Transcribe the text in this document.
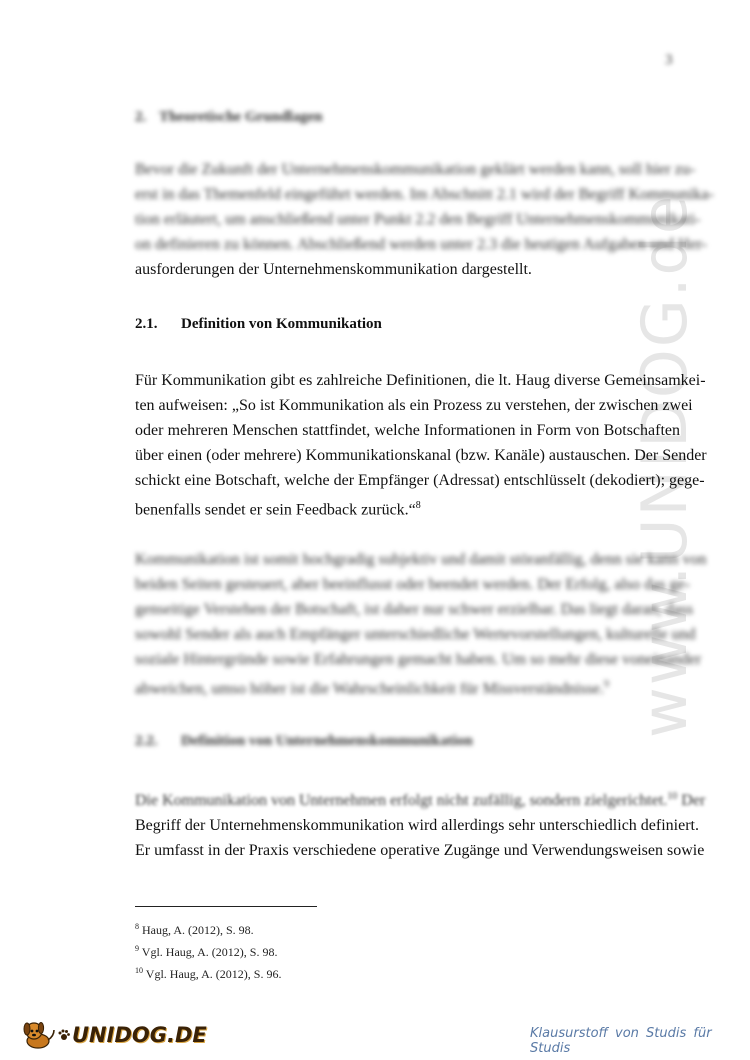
www.UNIDOG.de
3
2. Theoretische Grundlagen
Bevor die Zukunft der Unternehmenskommunikation geklärt werden kann, soll hier zu-
erst in das Themenfeld eingeführt werden. Im Abschnitt 2.1 wird der Begriff Kommunika-
tion erläutert, um anschließend unter Punkt 2.2 den Begriff Unternehmenskommunikati-
on definieren zu können. Abschließend werden unter 2.3 die heutigen Aufgaben und Her-
ausforderungen der Unternehmenskommunikation dargestellt.
2.1. Definition von Kommunikation
Für Kommunikation gibt es zahlreiche Definitionen, die lt. Haug diverse Gemeinsamkei-
ten aufweisen: „So ist Kommunikation als ein Prozess zu verstehen, der zwischen zwei
oder mehreren Menschen stattfindet, welche Informationen in Form von Botschaften
über einen (oder mehrere) Kommunikationskanal (bzw. Kanäle) austauschen. Der Sender
schickt eine Botschaft, welche der Empfänger (Adressat) entschlüsselt (dekodiert); gege-
benenfalls sendet er sein Feedback zurück.“$^8$
Kommunikation ist somit hochgradig subjektiv und damit störanfällig, denn sie kann von
beiden Seiten gesteuert, aber beeinflusst oder beendet werden. Der Erfolg, also das ge-
genseitige Verstehen der Botschaft, ist daher nur schwer erzielbar. Das liegt daran, dass
sowohl Sender als auch Empfänger unterschiedliche Wertevorstellungen, kulturelle und
soziale Hintergründe sowie Erfahrungen gemacht haben. Um so mehr diese voneinander
abweichen, umso höher ist die Wahrscheinlichkeit für Missverständnisse.$^9$
2.2. Definition von Unternehmenskommunikation
Die Kommunikation von Unternehmen erfolgt nicht zufällig, sondern zielgerichtet.$^{10}$ Der
Begriff der Unternehmenskommunikation wird allerdings sehr unterschiedlich definiert.
Er umfasst in der Praxis verschiedene operative Zugänge und Verwendungsweisen sowie
$^8$ Haug, A. (2012), S. 98.
$^9$ Vgl. Haug, A. (2012), S. 98.
$^{10}$ Vgl. Haug, A. (2012), S. 96.
UNIDOG.DE	Klausurstoff von Studis für Studis
